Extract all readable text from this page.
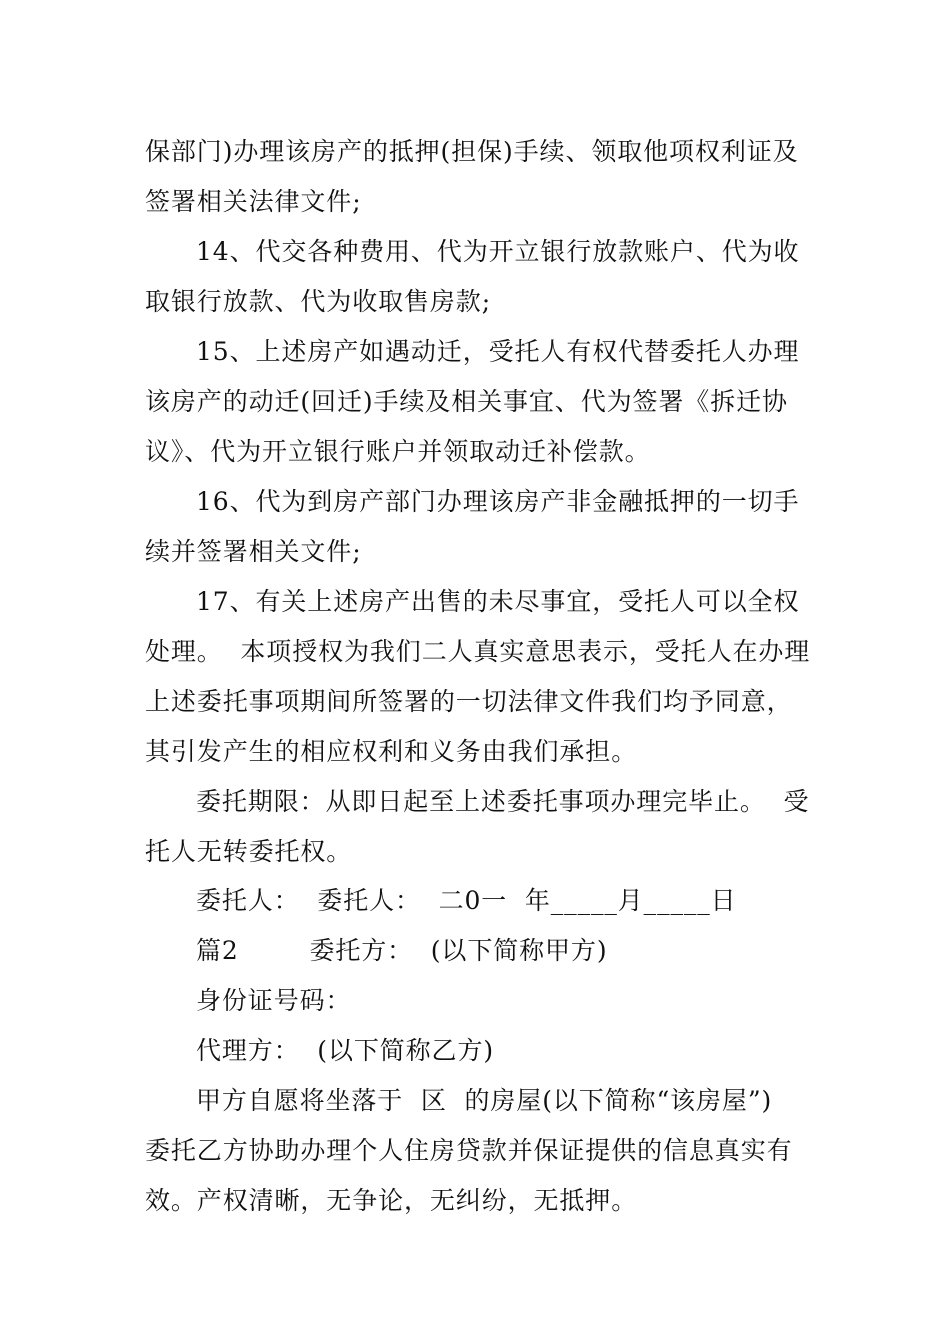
保部门)办理该房产的抵押(担保)手续、领取他项权利证及
签署相关法律文件;
14、代交各种费用、代为开立银行放款账户、代为收
取银行放款、代为收取售房款;
15、上述房产如遇动迁，受托人有权代替委托人办理
该房产的动迁(回迁)手续及相关事宜、代为签署《拆迁协
议》、代为开立银行账户并领取动迁补偿款。
16、代为到房产部门办理该房产非金融抵押的一切手
续并签署相关文件;
17、有关上述房产出售的未尽事宜，受托人可以全权
处理。  本项授权为我们二人真实意思表示，受托人在办理
上述委托事项期间所签署的一切法律文件我们均予同意，
其引发产生的相应权利和义务由我们承担。
委托期限：从即日起至上述委托事项办理完毕止。  受
托人无转委托权。
委托人：  委托人：  二0一  年_____月_____日
篇2        委托方：  (以下简称甲方)
身份证号码：
代理方：  (以下简称乙方)
甲方自愿将坐落于  区  的房屋(以下简称“该房屋”)
委托乙方协助办理个人住房贷款并保证提供的信息真实有
效。产权清晰，无争论，无纠纷，无抵押。
